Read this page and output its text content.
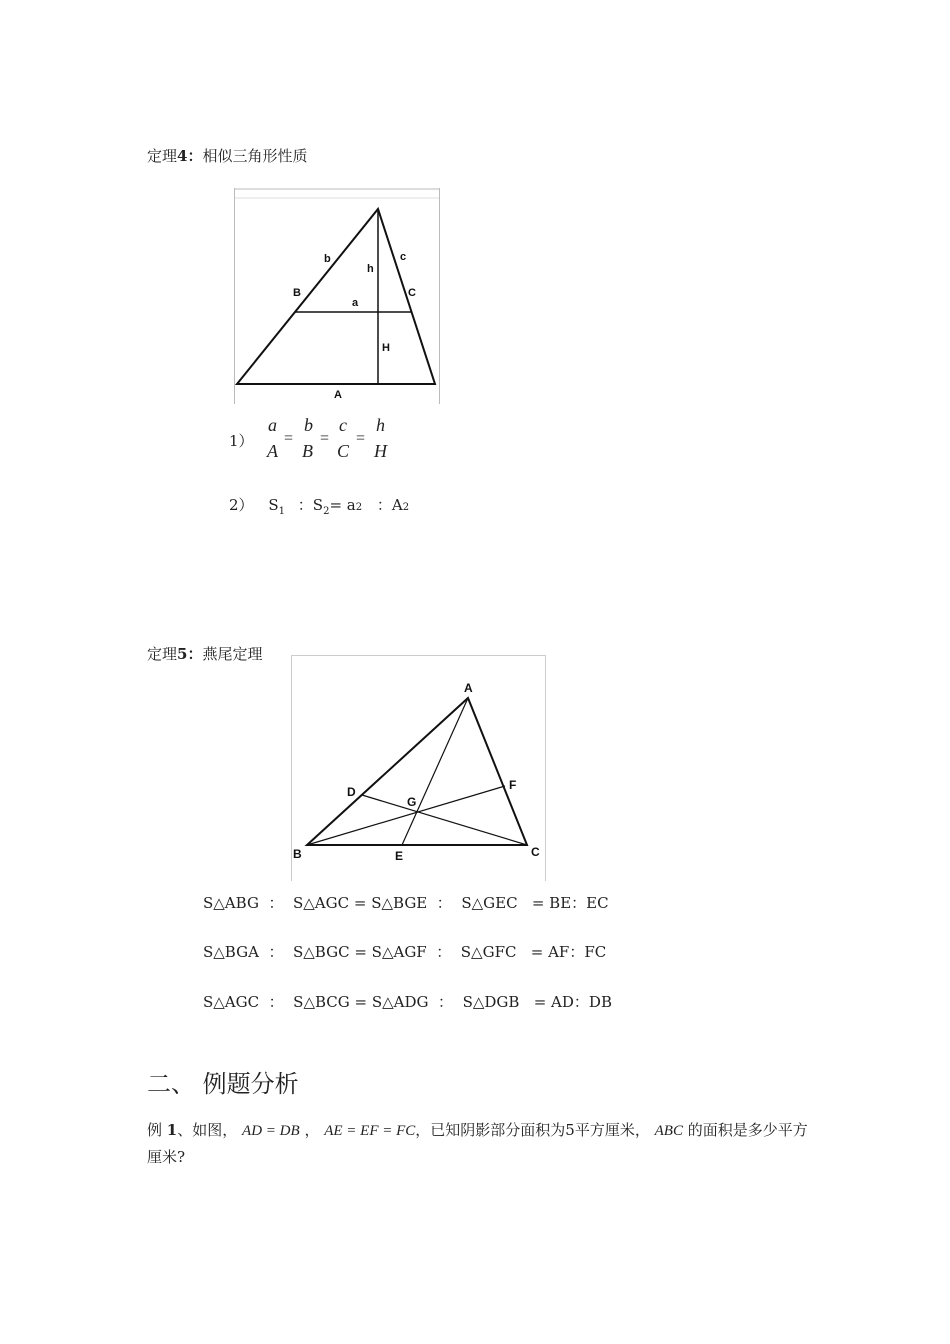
定理4：相似三角形性质
b	c
h
B	C
a
H
A
1）
a
A
b
B
c
C
h
H
= = =
2） $S_1$ ：$S_2= a2$ ：A2
定理5：燕尾定理
A
B	C
D
E
F
G
S△ABG  ：  S△AGC = S△BGE  ：  S△GEC   = BE：EC
S△BGA  ：  S△BGC = S△AGF  ：  S△GFC   = AF：FC
S△AGC  ：  S△BCG = S△ADG  ：  S△DGB   = AD：DB
二、 例题分析
例 1、如图， AD = DB ， AE = EF = FC，已知阴影部分面积为5平方厘米， ABC 的面积是多少平方厘米?
